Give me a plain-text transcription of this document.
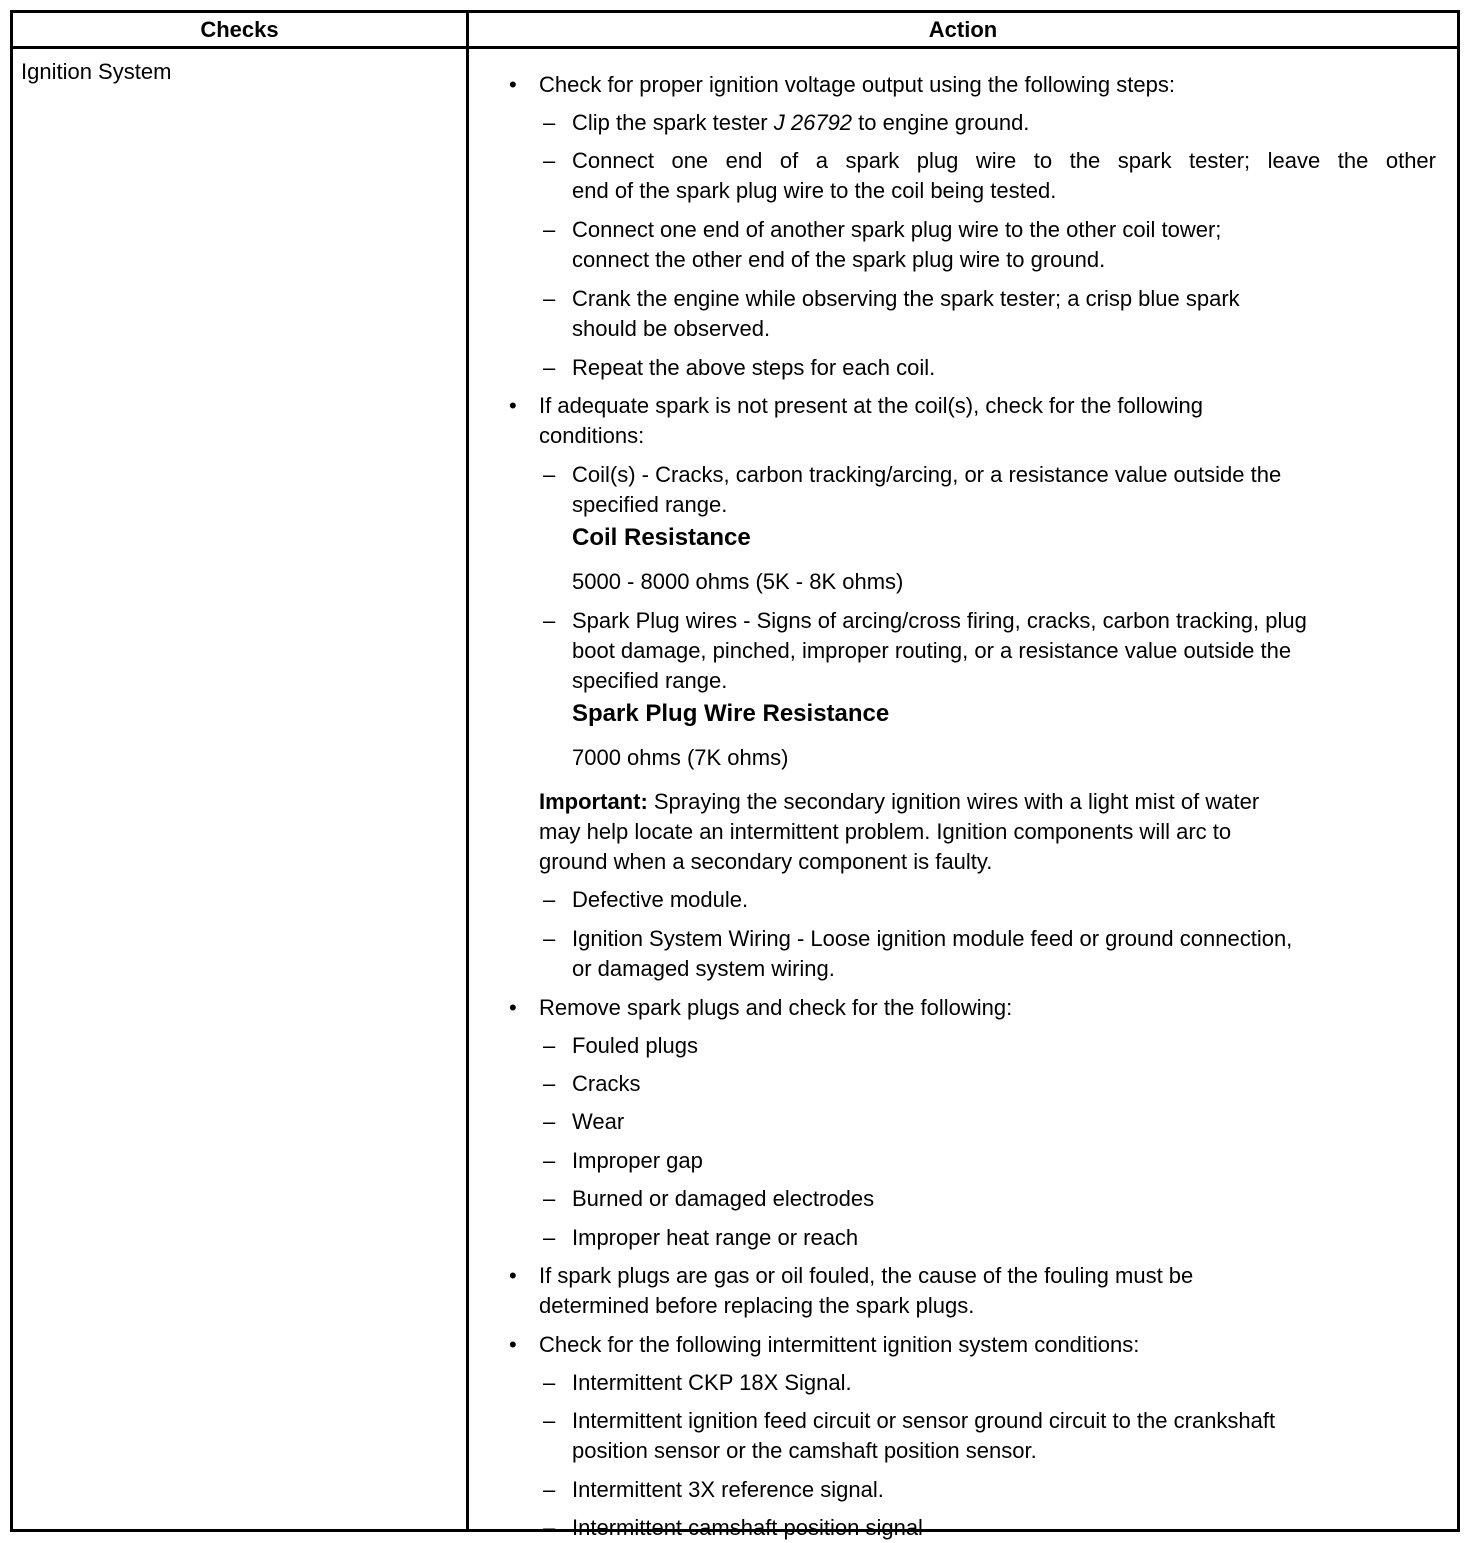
Checks	Action
Ignition System
• Check for proper ignition voltage output using the following steps:
– Clip the spark tester J 26792 to engine ground.
– Connect one end of a spark plug wire to the spark tester; leave the other
end of the spark plug wire to the coil being tested.
– Connect one end of another spark plug wire to the other coil tower;
connect the other end of the spark plug wire to ground.
– Crank the engine while observing the spark tester; a crisp blue spark
should be observed.
– Repeat the above steps for each coil.
• If adequate spark is not present at the coil(s), check for the following
conditions:
– Coil(s) - Cracks, carbon tracking/arcing, or a resistance value outside the
specified range.
Coil Resistance
5000 - 8000 ohms (5K - 8K ohms)
– Spark Plug wires - Signs of arcing/cross firing, cracks, carbon tracking, plug
boot damage, pinched, improper routing, or a resistance value outside the
specified range.
Spark Plug Wire Resistance
7000 ohms (7K ohms)
Important: Spraying the secondary ignition wires with a light mist of water
may help locate an intermittent problem. Ignition components will arc to
ground when a secondary component is faulty.
– Defective module.
– Ignition System Wiring - Loose ignition module feed or ground connection,
or damaged system wiring.
• Remove spark plugs and check for the following:
– Fouled plugs
– Cracks
– Wear
– Improper gap
– Burned or damaged electrodes
– Improper heat range or reach
• If spark plugs are gas or oil fouled, the cause of the fouling must be
determined before replacing the spark plugs.
• Check for the following intermittent ignition system conditions:
– Intermittent CKP 18X Signal.
– Intermittent ignition feed circuit or sensor ground circuit to the crankshaft
position sensor or the camshaft position sensor.
– Intermittent 3X reference signal.
– Intermittent camshaft position signal
